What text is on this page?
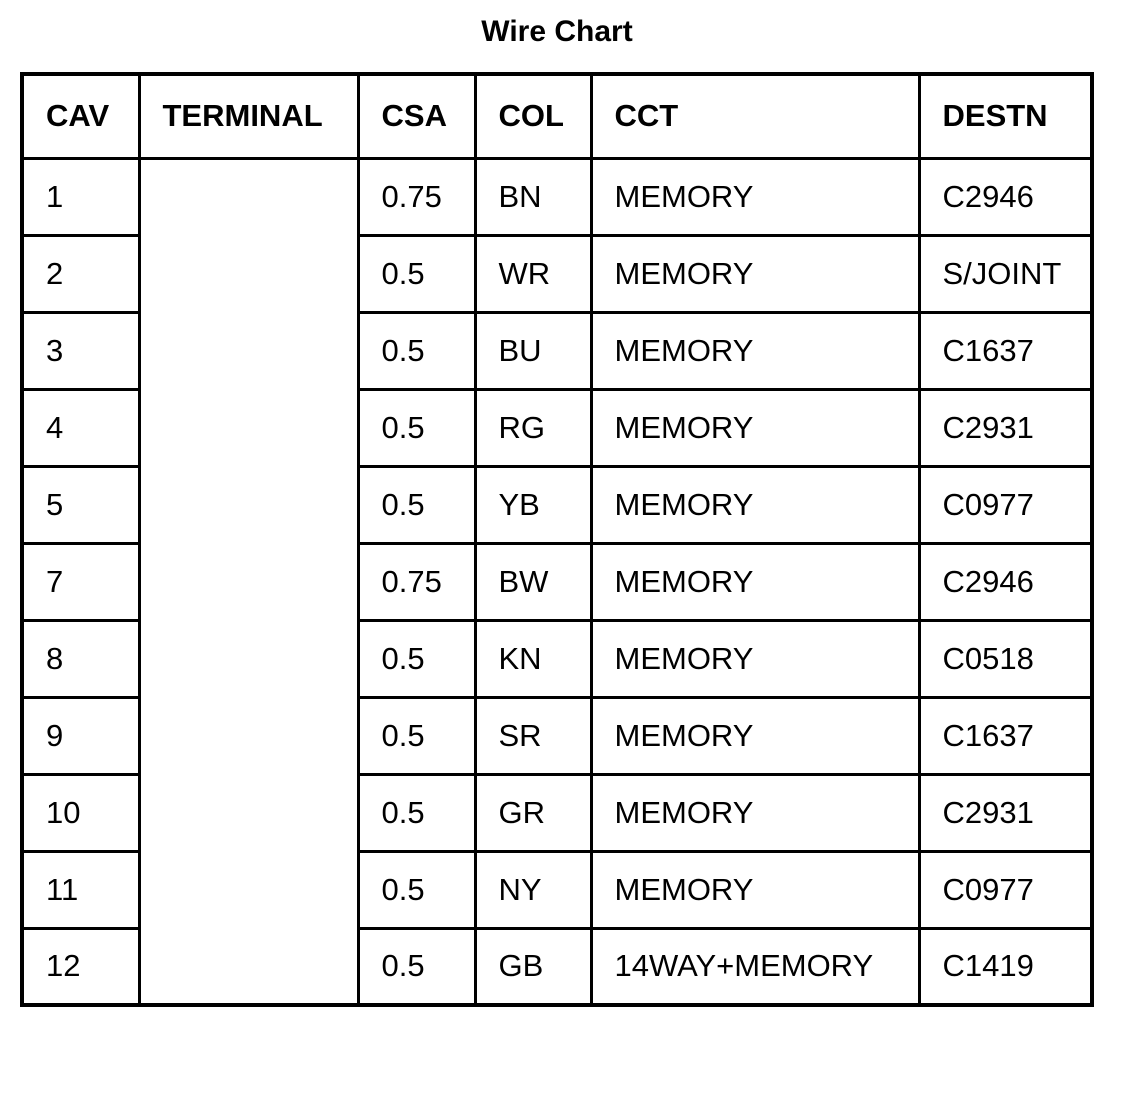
Wire Chart
CAV	TERMINAL	CSA	COL	CCT	DESTN
1		0.75	BN	MEMORY	C2946
2		0.5	WR	MEMORY	S/JOINT
3		0.5	BU	MEMORY	C1637
4		0.5	RG	MEMORY	C2931
5		0.5	YB	MEMORY	C0977
7		0.75	BW	MEMORY	C2946
8		0.5	KN	MEMORY	C0518
9		0.5	SR	MEMORY	C1637
10		0.5	GR	MEMORY	C2931
11		0.5	NY	MEMORY	C0977
12		0.5	GB	14WAY+MEMORY	C1419
